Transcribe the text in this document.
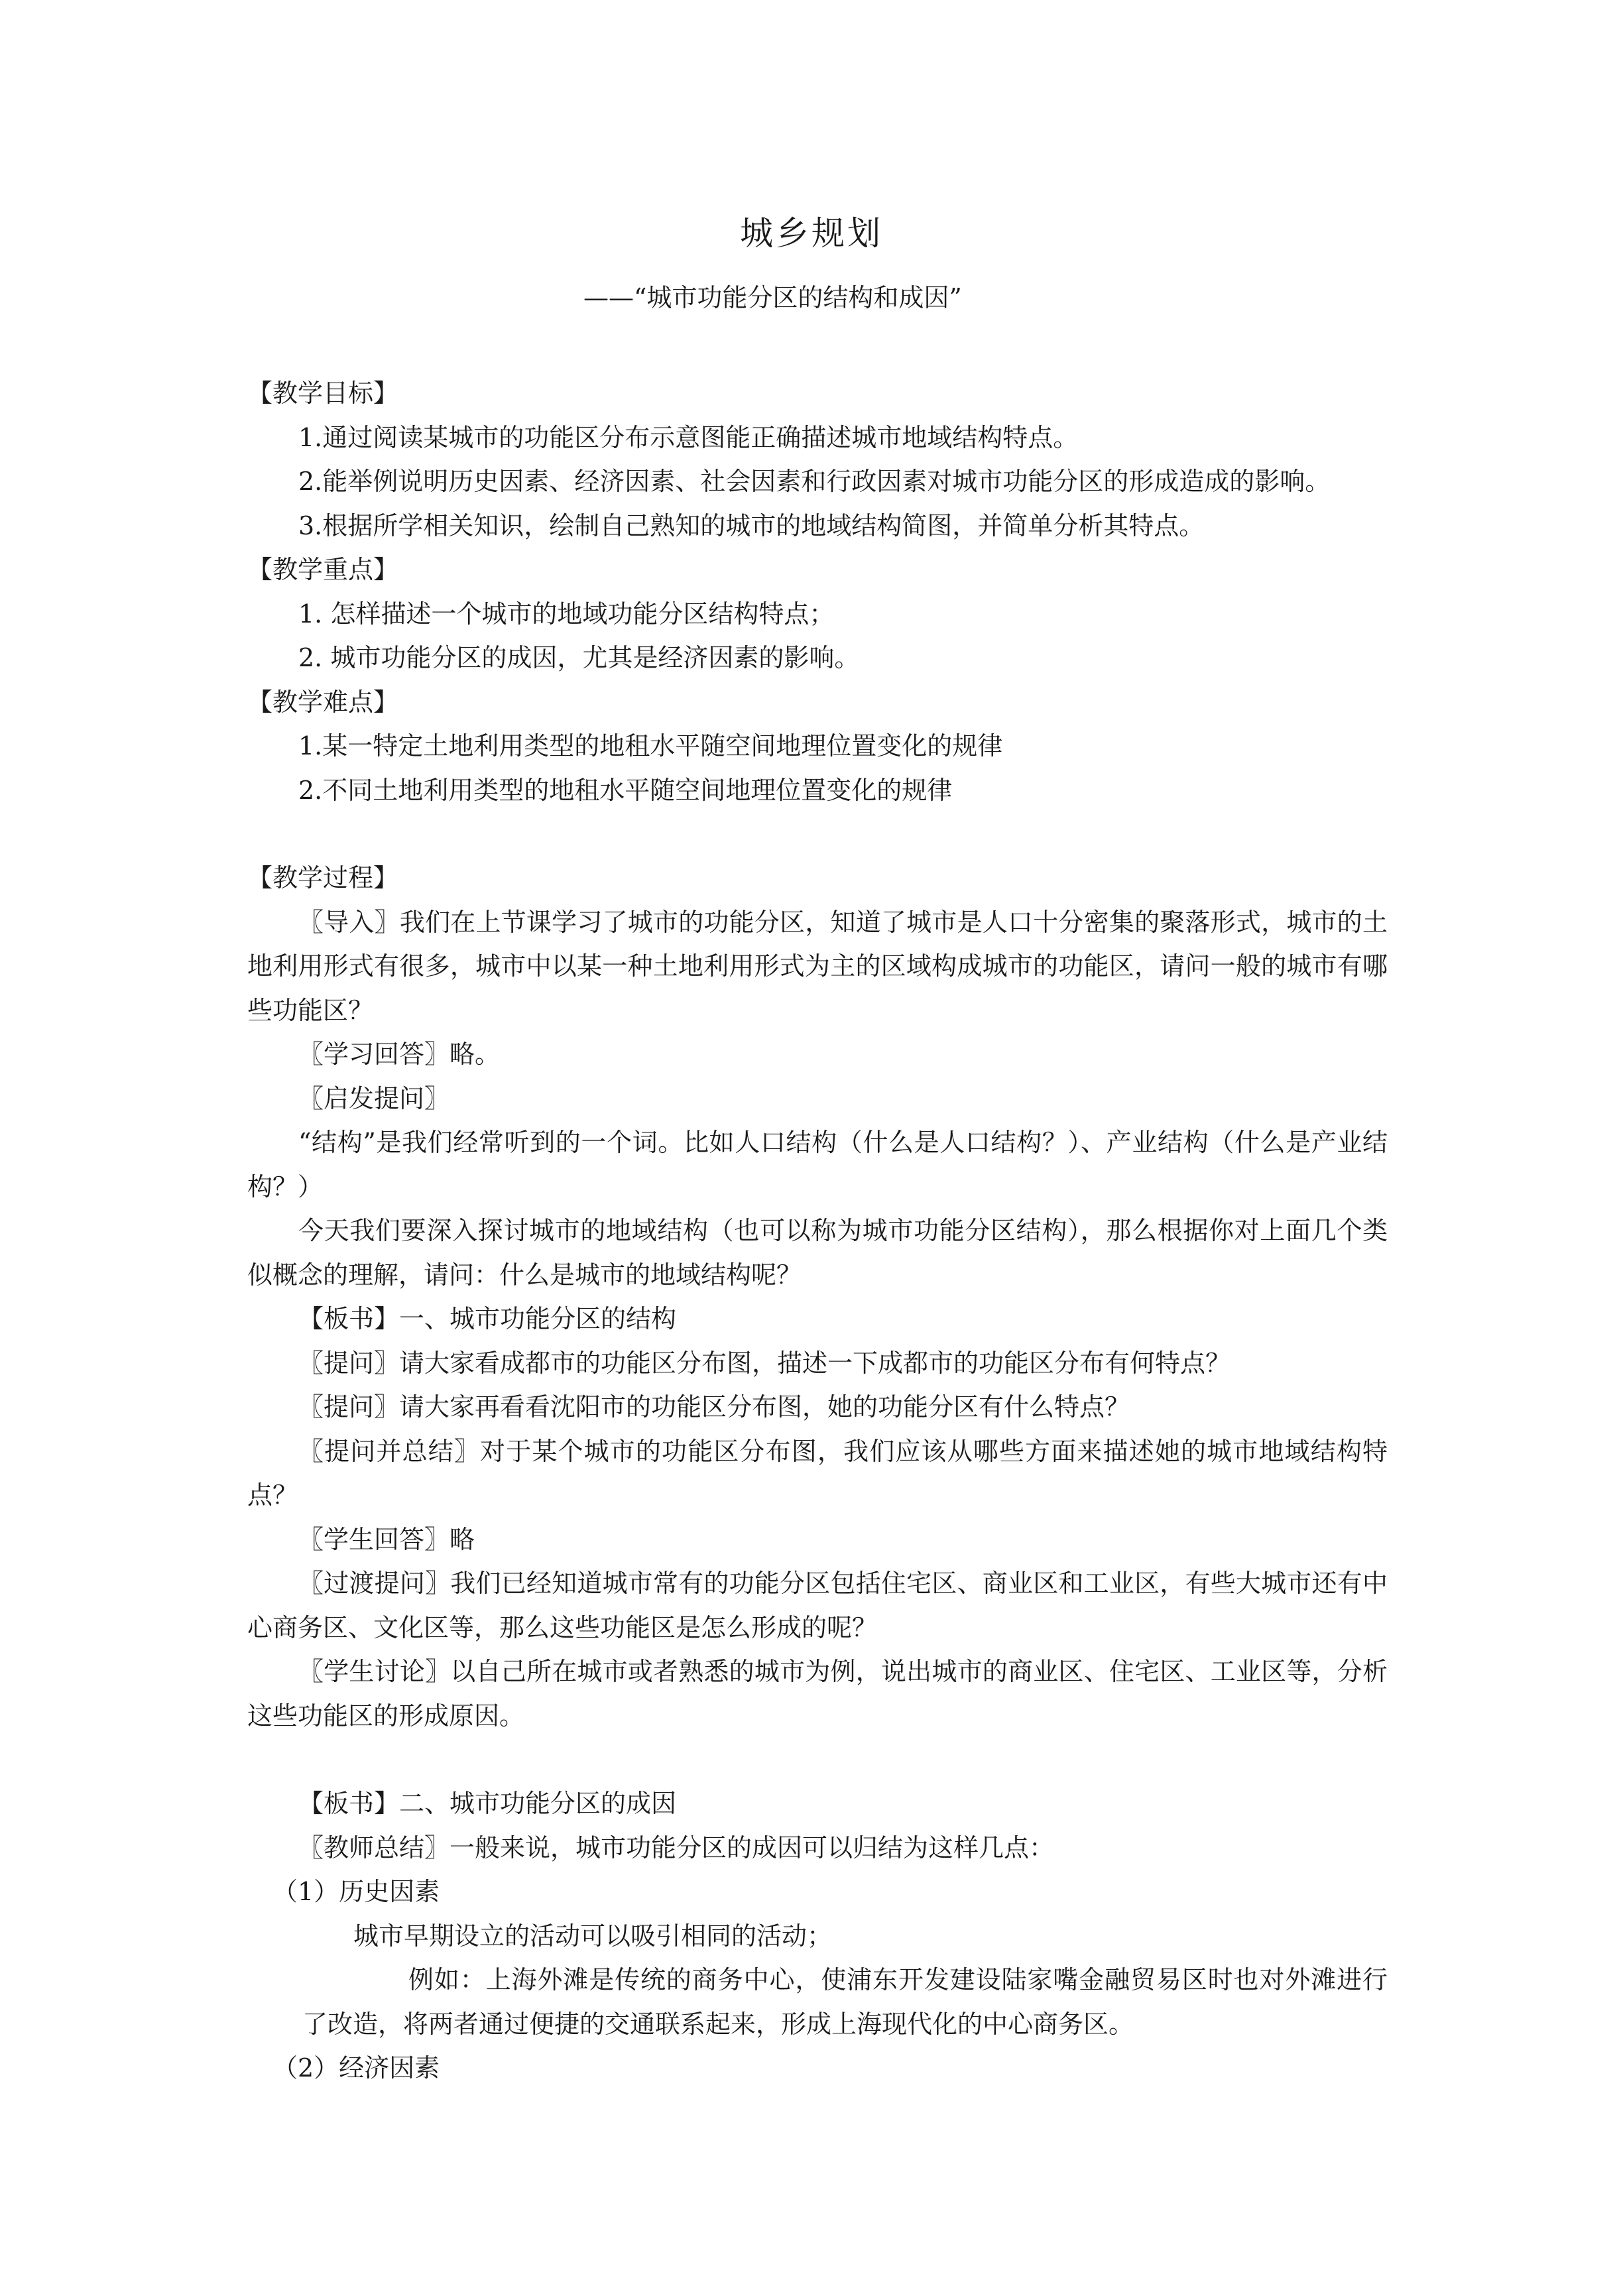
城乡规划
——“城市功能分区的结构和成因”

【教学目标】

1.通过阅读某城市的功能区分布示意图能正确描述城市地域结构特点。

2.能举例说明历史因素、经济因素、社会因素和行政因素对城市功能分区的形成造成的影响。

3.根据所学相关知识，绘制自己熟知的城市的地域结构简图，并简单分析其特点。

【教学重点】

1. 怎样描述一个城市的地域功能分区结构特点；

2. 城市功能分区的成因，尤其是经济因素的影响。

【教学难点】

1.某一特定土地利用类型的地租水平随空间地理位置变化的规律

2.不同土地利用类型的地租水平随空间地理位置变化的规律

【教学过程】

〖导入〗我们在上节课学习了城市的功能分区，知道了城市是人口十分密集的聚落形式，城市的土地利用形式有很多，城市中以某一种土地利用形式为主的区域构成城市的功能区，请问一般的城市有哪些功能区？

〖学习回答〗略。

〖启发提问〗

“结构”是我们经常听到的一个词。比如人口结构（什么是人口结构？）、产业结构（什么是产业结构？）

今天我们要深入探讨城市的地域结构（也可以称为城市功能分区结构），那么根据你对上面几个类似概念的理解，请问：什么是城市的地域结构呢？

【板书】一、城市功能分区的结构

〖提问〗请大家看成都市的功能区分布图，描述一下成都市的功能区分布有何特点？

〖提问〗请大家再看看沈阳市的功能区分布图，她的功能分区有什么特点？

〖提问并总结〗对于某个城市的功能区分布图，我们应该从哪些方面来描述她的城市地域结构特点？

〖学生回答〗略

〖过渡提问〗我们已经知道城市常有的功能分区包括住宅区、商业区和工业区，有些大城市还有中心商务区、文化区等，那么这些功能区是怎么形成的呢？

〖学生讨论〗以自己所在城市或者熟悉的城市为例，说出城市的商业区、住宅区、工业区等，分析这些功能区的形成原因。

【板书】二、城市功能分区的成因

〖教师总结〗一般来说，城市功能分区的成因可以归结为这样几点：

（1）历史因素

城市早期设立的活动可以吸引相同的活动；

例如：上海外滩是传统的商务中心，使浦东开发建设陆家嘴金融贸易区时也对外滩进行了改造，将两者通过便捷的交通联系起来，形成上海现代化的中心商务区。

（2）经济因素
